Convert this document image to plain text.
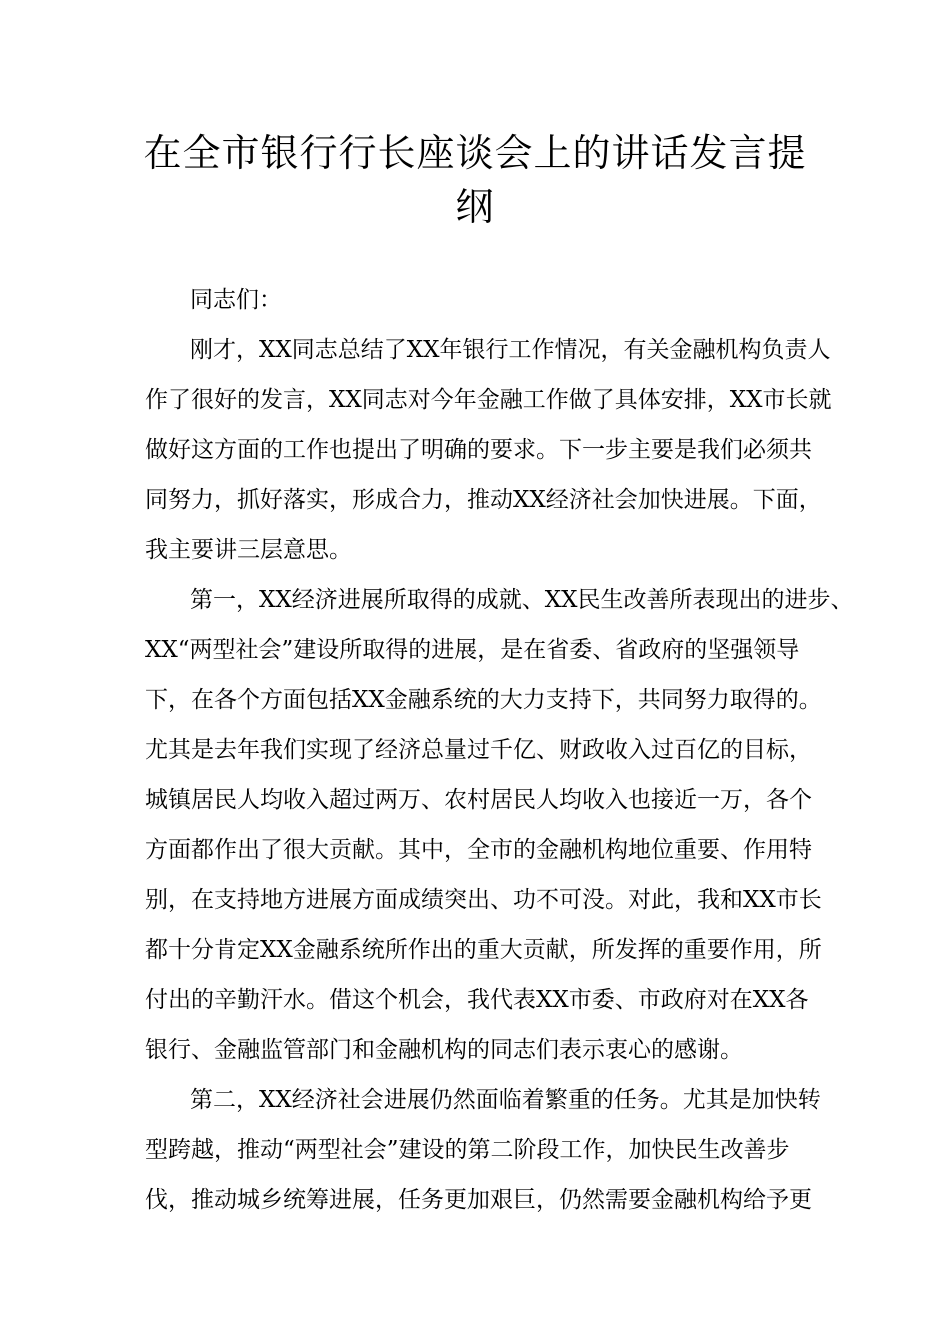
在全市银行行长座谈会上的讲话发言提纲
同志们：
刚才，XX同志总结了XX年银行工作情况，有关金融机构负责人
作了很好的发言，XX同志对今年金融工作做了具体安排，XX市长就
做好这方面的工作也提出了明确的要求。下一步主要是我们必须共
同努力，抓好落实，形成合力，推动XX经济社会加快进展。下面，
我主要讲三层意思。
第一，XX经济进展所取得的成就、XX民生改善所表现出的进步、
XX“两型社会”建设所取得的进展，是在省委、省政府的坚强领导
下，在各个方面包括XX金融系统的大力支持下，共同努力取得的。
尤其是去年我们实现了经济总量过千亿、财政收入过百亿的目标，
城镇居民人均收入超过两万、农村居民人均收入也接近一万，各个
方面都作出了很大贡献。其中，全市的金融机构地位重要、作用特
别，在支持地方进展方面成绩突出、功不可没。对此，我和XX市长
都十分肯定XX金融系统所作出的重大贡献，所发挥的重要作用，所
付出的辛勤汗水。借这个机会，我代表XX市委、市政府对在XX各
银行、金融监管部门和金融机构的同志们表示衷心的感谢。
第二，XX经济社会进展仍然面临着繁重的任务。尤其是加快转
型跨越，推动“两型社会”建设的第二阶段工作，加快民生改善步
伐，推动城乡统筹进展，任务更加艰巨，仍然需要金融机构给予更
